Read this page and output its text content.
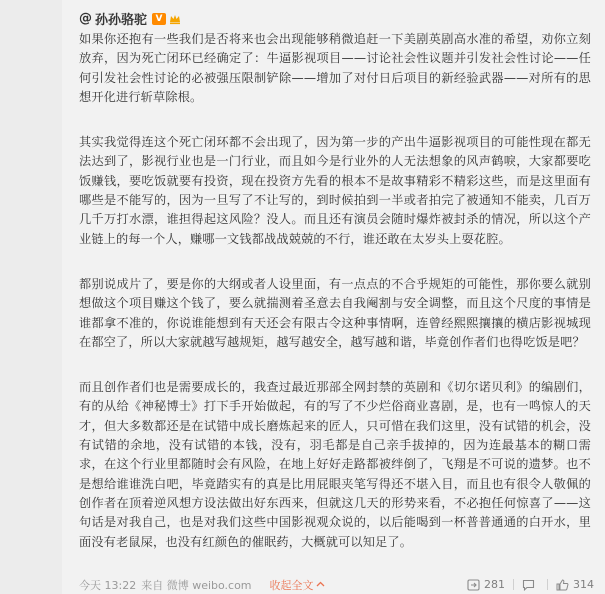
@ 孙孙骆驼 V

如果你还抱有一些我们是否将来也会出现能够稍微追赶一下美剧英剧高水准的希望，劝你立刻放弃，因为死亡闭环已经确定了：牛逼影视项目——讨论社会性议题并引发社会性讨论——任何引发社会性讨论的必被强压限制铲除——增加了对付日后项目的新经验武器——对所有的思想开化进行斩草除根。

其实我觉得连这个死亡闭环都不会出现了，因为第一步的产出牛逼影视项目的可能性现在都无法达到了，影视行业也是一门行业，而且如今是行业外的人无法想象的风声鹤唳，大家都要吃饭赚钱，要吃饭就要有投资，现在投资方先看的根本不是故事精彩不精彩这些，而是这里面有哪些是不能写的，因为一旦写了不让写的，到时候拍到一半或者拍完了被通知不能卖，几百万几千万打水漂，谁担得起这风险？没人。而且还有演员会随时爆炸被封杀的情况，所以这个产业链上的每一个人，赚哪一文钱都战战兢兢的不行，谁还敢在太岁头上耍花腔。

都别说成片了，要是你的大纲或者人设里面，有一点点的不合乎规矩的可能性，那你要么就别想做这个项目赚这个钱了，要么就揣测着圣意去自我阉割与安全调整，而且这个尺度的事情是谁都拿不准的，你说谁能想到有天还会有限古令这种事情啊，连曾经熙熙攘攘的横店影视城现在都空了，所以大家就越写越规矩，越写越安全，越写越和谐，毕竟创作者们也得吃饭是吧？

而且创作者们也是需要成长的，我查过最近那部全网封禁的英剧和《切尔诺贝利》的编剧们，有的从给《神秘博士》打下手开始做起，有的写了不少烂俗商业喜剧，是，也有一鸣惊人的天才，但大多数都还是在试错中成长磨炼起来的匠人，只可惜在我们这里，没有试错的机会，没有试错的余地，没有试错的本钱，没有，羽毛都是自己亲手拔掉的，因为连最基本的糊口需求，在这个行业里都随时会有风险，在地上好好走路都被绊倒了，飞翔是不可说的遗梦。也不是想给谁谁洗白吧，毕竟踏实有的真是比用屁眼夹笔写得还不堪入目，而且也有很令人敬佩的创作者在顶着逆风想方设法做出好东西来，但就这几天的形势来看，不必抱任何惊喜了——这句话是对我自己，也是对我们这些中国影视观众说的，以后能喝到一杯普普通通的白开水，里面没有老鼠屎，也没有红颜色的催眠药，大概就可以知足了。

今天 13:22 来自 微博 weibo.com 收起全文	281	314
